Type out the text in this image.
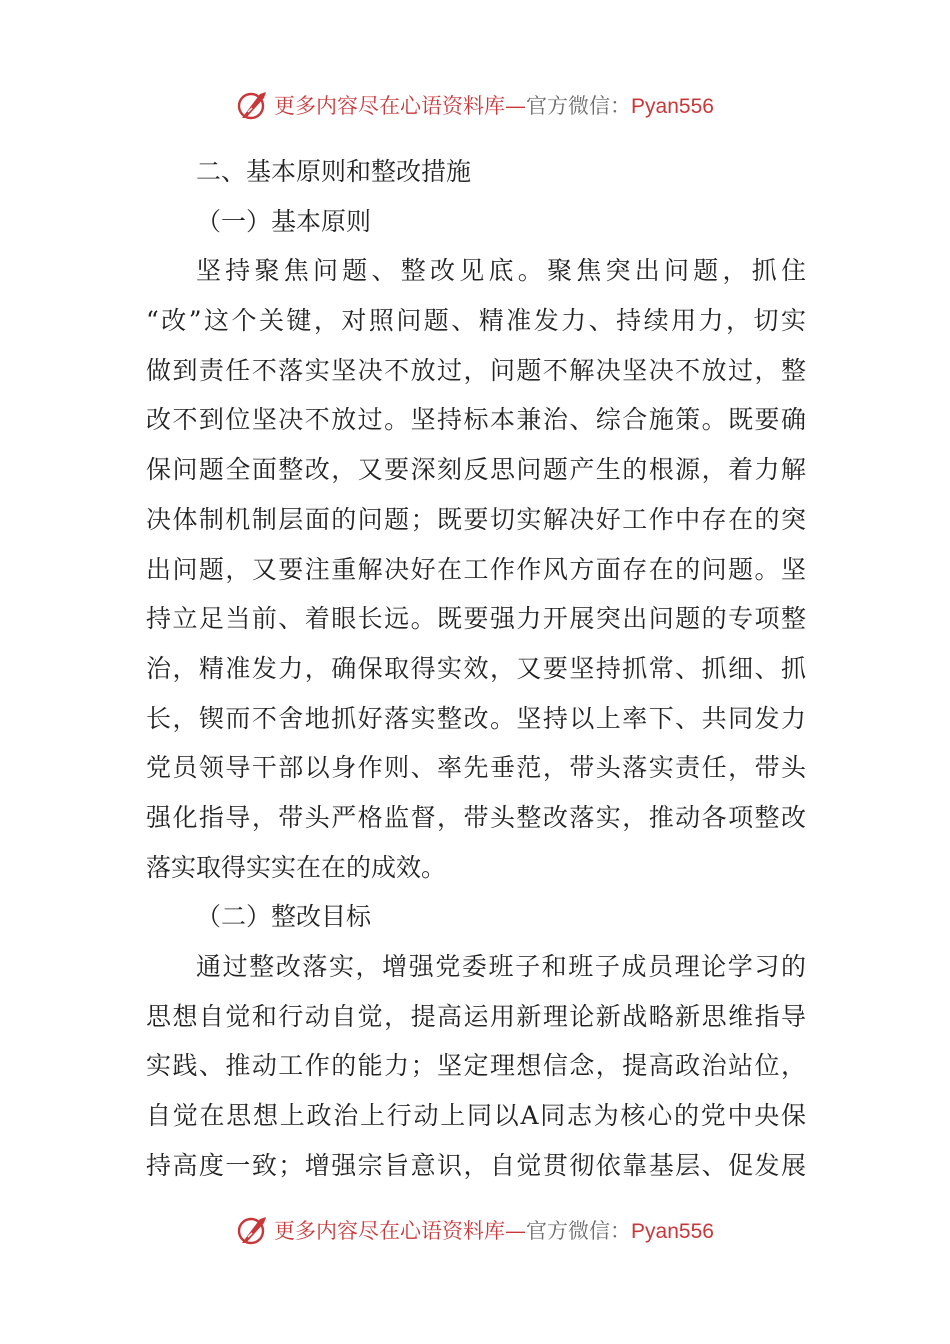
更多内容尽在心语资料库—官方微信：Pyan556
二、基本原则和整改措施
（一）基本原则
坚持聚焦问题、整改见底。聚焦突出问题，抓住
“改”这个关键，对照问题、精准发力、持续用力，切实
做到责任不落实坚决不放过，问题不解决坚决不放过，整
改不到位坚决不放过。坚持标本兼治、综合施策。既要确
保问题全面整改，又要深刻反思问题产生的根源，着力解
决体制机制层面的问题；既要切实解决好工作中存在的突
出问题，又要注重解决好在工作作风方面存在的问题。坚
持立足当前、着眼长远。既要强力开展突出问题的专项整
治，精准发力，确保取得实效，又要坚持抓常、抓细、抓
长，锲而不舍地抓好落实整改。坚持以上率下、共同发力
党员领导干部以身作则、率先垂范，带头落实责任，带头
强化指导，带头严格监督，带头整改落实，推动各项整改
落实取得实实在在的成效。
（二）整改目标
通过整改落实，增强党委班子和班子成员理论学习的
思想自觉和行动自觉，提高运用新理论新战略新思维指导
实践、推动工作的能力；坚定理想信念，提高政治站位，
自觉在思想上政治上行动上同以A同志为核心的党中央保
持高度一致；增强宗旨意识，自觉贯彻依靠基层、促发展
更多内容尽在心语资料库—官方微信：Pyan556
